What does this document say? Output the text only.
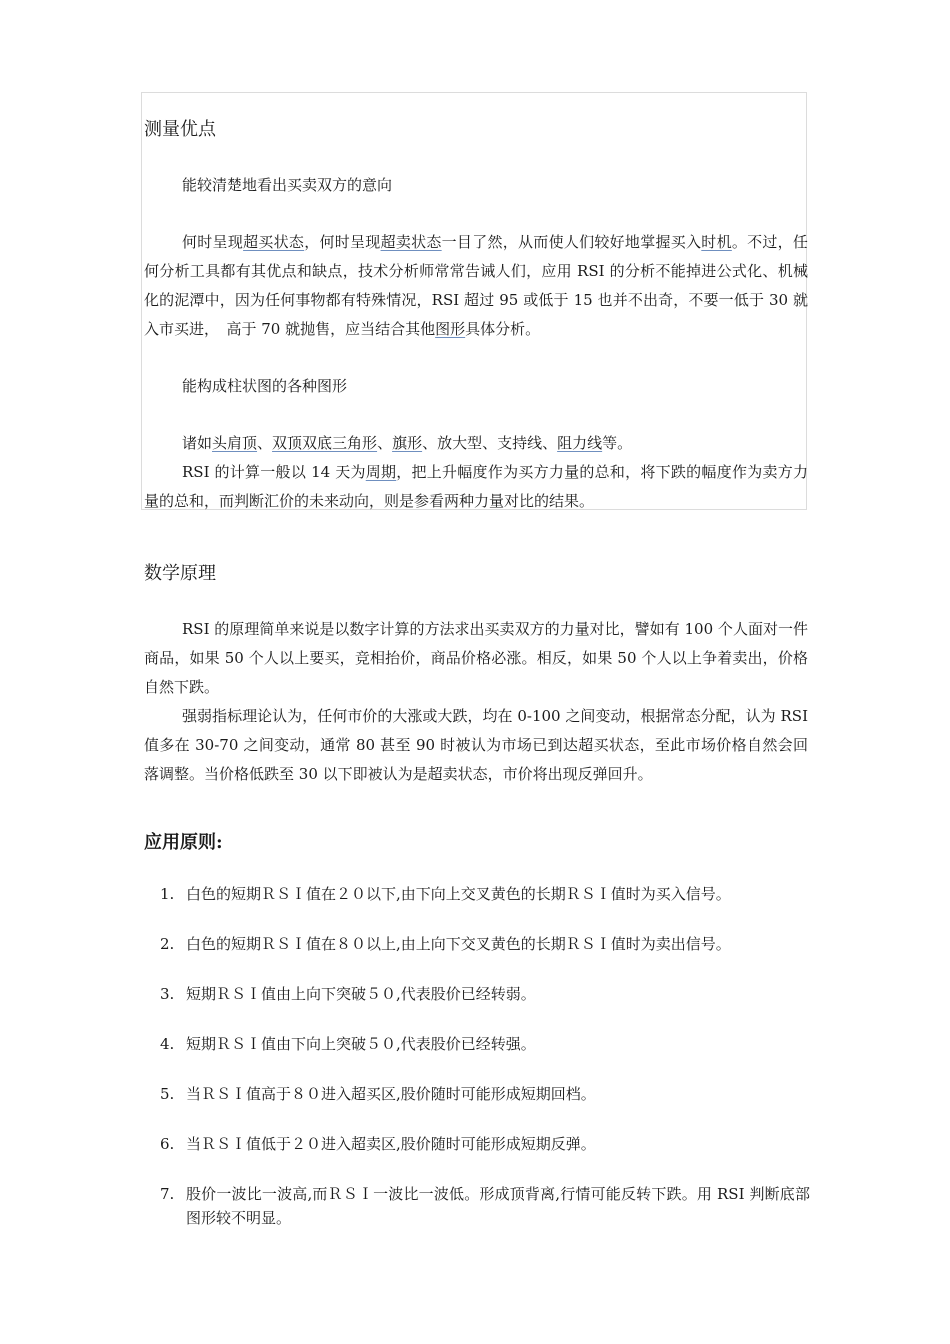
测量优点
能较清楚地看出买卖双方的意向

何时呈现超买状态，何时呈现超卖状态一目了然，从而使人们较好地掌握买入时机。不过，任何分析工具都有其优点和缺点，技术分析师常常告诫人们，应用 RSI 的分析不能掉进公式化、机械化的泥潭中，因为任何事物都有特殊情况，RSI 超过 95 或低于 15 也并不出奇，不要一低于 30 就入市买进，　高于 70 就抛售，应当结合其他图形具体分析。

能构成柱状图的各种图形

诸如头肩顶、双顶双底三角形、旗形、放大型、支持线、阻力线等。

RSI 的计算一般以 14 天为周期，把上升幅度作为买方力量的总和，将下跌的幅度作为卖方力量的总和，而判断汇价的未来动向，则是参看两种力量对比的结果。

数学原理

RSI 的原理简单来说是以数字计算的方法求出买卖双方的力量对比，譬如有 100 个人面对一件商品，如果 50 个人以上要买，竞相抬价，商品价格必涨。相反，如果 50 个人以上争着卖出，价格自然下跌。

强弱指标理论认为，任何市价的大涨或大跌，均在 0-100 之间变动，根据常态分配，认为 RSI 值多在 30-70 之间变动，通常 80 甚至 90 时被认为市场已到达超买状态，至此市场价格自然会回落调整。当价格低跌至 30 以下即被认为是超卖状态，市价将出现反弹回升。

应用原则:
1. 白色的短期ＲＳＩ值在２０以下,由下向上交叉黄色的长期ＲＳＩ值时为买入信号。
2. 白色的短期ＲＳＩ值在８０以上,由上向下交叉黄色的长期ＲＳＩ值时为卖出信号。
3. 短期ＲＳＩ值由上向下突破５０,代表股价已经转弱。
4. 短期ＲＳＩ值由下向上突破５０,代表股价已经转强。
5. 当ＲＳＩ值高于８０进入超买区,股价随时可能形成短期回档。
6. 当ＲＳＩ值低于２０进入超卖区,股价随时可能形成短期反弹。
7. 股价一波比一波高,而ＲＳＩ一波比一波低。形成顶背离,行情可能反转下跌。用 RSI 判断底部图形较不明显。
